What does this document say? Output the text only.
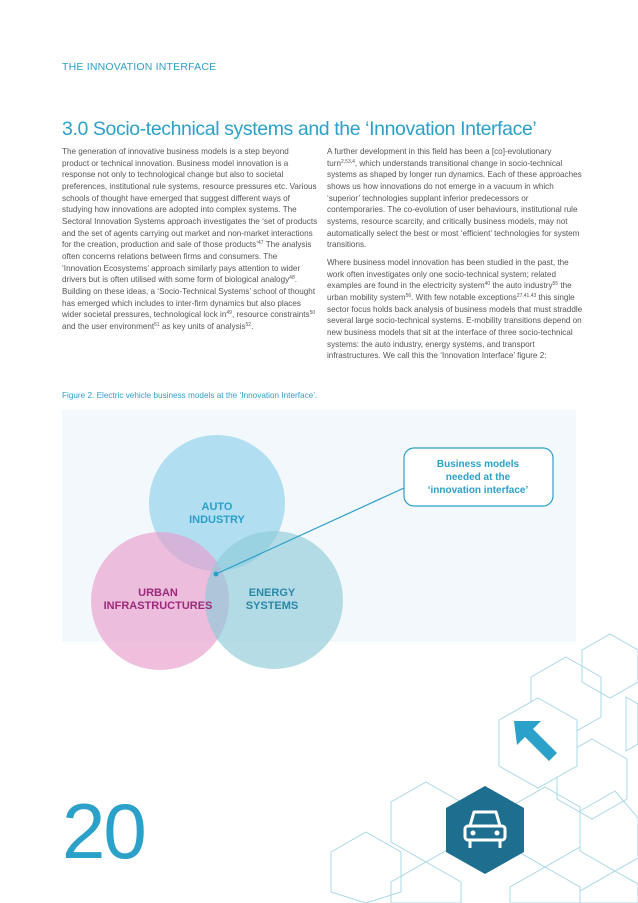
THE INNOVATION INTERFACE
3.0 Socio-technical systems and the ‘Innovation Interface’

The generation of innovative business models is a step beyond product or technical innovation. Business model innovation is a response not only to technological change but also to societal preferences, institutional rule systems, resource pressures etc. Various schools of thought have emerged that suggest different ways of studying how innovations are adopted into complex systems. The Sectoral Innovation Systems approach investigates the ‘set of products and the set of agents carrying out market and non-market interactions for the creation, production and sale of those products’$^{47}$ The analysis often concerns relations between firms and consumers. The ‘Innovation Ecosystems’ approach similarly pays attention to wider drivers but is often utilised with some form of biological analogy$^{48}$. Building on these ideas, a ‘Socio-Technical Systems’ school of thought has emerged which includes to inter-firm dynamics but also places wider societal pressures, technological lock $in^{49}$, resource constraints$^{50}$ and the user environment$^{51}$ as key units of analysis$^{52}$.

A further development in this field has been a [co]-evolutionary turn$^{2,53,4}$, which understands transitional change in socio-technical systems as shaped by longer run dynamics. Each of these approaches shows us how innovations do not emerge in a vacuum in which ‘superior’ technologies supplant inferior predecessors or contemporaries. The co-evolution of user behaviours, institutional rule systems, resource scarcity, and critically business models, may not automatically select the best or most ‘efficient’ technologies for system transitions.

Where business model innovation has been studied in the past, the work often investigates only one socio-technical system; related examples are found in the electricity system$^{40}$ the auto industry$^{55}$ the urban mobility system$^{56}$. With few notable exceptions$^{27,41,43}$ this single sector focus holds back analysis of business models that must straddle several large socio-technical systems. E-mobility transitions depend on new business models that sit at the interface of three socio-technical systems: the auto industry, energy systems, and transport infrastructures. We call this the ‘Innovation Interface’ figure 2:

Figure 2. Electric vehicle business models at the ‘Innovation Interface’.
AUTO
INDUSTRY
URBAN
INFRASTRUCTURES
ENERGY
SYSTEMS
Business models
needed at the
‘innovation interface’
20
